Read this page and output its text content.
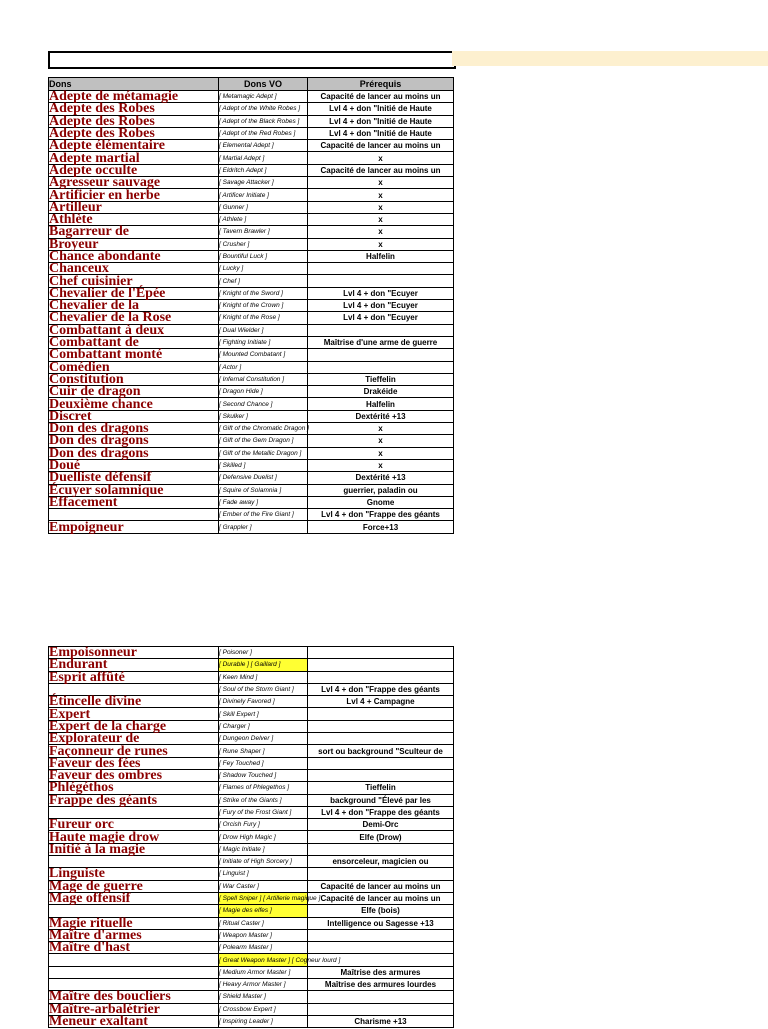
Dons	Dons VO	Prérequis
Adepte de métamagie	[ Metamagic Adept ]	Capacité de lancer au moins un
Adepte des Robes	[ Adept of the White Robes ]	Lvl 4 + don "Initié de Haute
Adepte des Robes	[ Adept of the Black Robes ]	Lvl 4 + don "Initié de Haute
Adepte des Robes	[ Adept of the Red Robes ]	Lvl 4 + don "Initié de Haute
Adepte élémentaire	[ Elemental Adept ]	Capacité de lancer au moins un
Adepte martial	[ Martial Adept ]	x
Adepte occulte	[ Eldritch Adept ]	Capacité de lancer au moins un
Agresseur sauvage	[ Savage Attacker ]	x
Artificier en herbe	[ Artificer Initiate ]	x
Artilleur	[ Gunner ]	x
Athlète	[ Athlete ]	x
Bagarreur de	[ Tavern Brawler ]	x
Broyeur	[ Crusher ]	x
Chance abondante	[ Bountiful Luck ]	Halfelin
Chanceux	[ Lucky ]	
Chef cuisinier	[ Chef ]	
Chevalier de l'Épée	[ Knight of the Sword ]	Lvl 4 + don "Ecuyer
Chevalier de la	[ Knight of the Crown ]	Lvl 4 + don "Ecuyer
Chevalier de la Rose	[ Knight of the Rose ]	Lvl 4 + don "Ecuyer
Combattant à deux	[ Dual Wielder ]	
Combattant de	[ Fighting Initiate ]	Maîtrise d'une arme de guerre
Combattant monté	[ Mounted Combatant ]	
Comédien	[ Actor ]	
Constitution	[ Infernal Constitution ]	Tieffelin
Cuir de dragon	[ Dragon Hide ]	Drakéide
Deuxième chance	[ Second Chance ]	Halfelin
Discret	[ Skulker ]	Dextérité +13
Don des dragons	[ Gift of the Chromatic Dragon ]	x
Don des dragons	[ Gift of the Gem Dragon ]	x
Don des dragons	[ Gift of the Metallic Dragon ]	x
Doué	[ Skilled ]	x
Duelliste défensif	[ Defensive Duelist ]	Dextérité +13
Écuyer solamnique	[ Squire of Solamnia ]	guerrier, paladin ou
Effacement	[ Fade away ]	Gnome
	[ Ember of the Fire Giant ]	Lvl 4 + don "Frappe des géants
Empoigneur	[ Grappler ]	Force+13
Empoisonneur	[ Poisoner ]	
Endurant	[ Durable ] [ Gaillard ]	
Esprit affûté	[ Keen Mind ]	
	[ Soul of the Storm Giant ]	Lvl 4 + don "Frappe des géants
Étincelle divine	[ Divinely Favored ]	Lvl 4 + Campagne
Expert	[ Skill Expert ]	
Expert de la charge	[ Charger ]	
Explorateur de	[ Dungeon Delver ]	
Façonneur de runes	[ Rune Shaper ]	sort ou background "Sculteur de
Faveur des fées	[ Fey Touched ]	
Faveur des ombres	[ Shadow Touched ]	
Phlégéthos	[ Flames of Phlegethos ]	Tieffelin
Frappe des géants	[ Strike of the Giants ]	background "Élevé par les
	[ Fury of the Frost Giant ]	Lvl 4 + don "Frappe des géants
Fureur orc	[ Orcish Fury ]	Demi-Orc
Haute magie drow	[ Drow High Magic ]	Elfe (Drow)
Initié à la magie	[ Magic Initiate ]	
	[ Initiate of High Sorcery ]	ensorceleur, magicien ou
Linguiste	[ Linguist ]	
Mage de guerre	[ War Caster ]	Capacité de lancer au moins un
Mage offensif	[ Spell Sniper ] [ Artillerie magique ]	Capacité de lancer au moins un
	[ Magie des elfes ]	Elfe (bois)
Magie rituelle	[ Ritual Caster ]	Intelligence ou Sagesse +13
Maître d'armes	[ Weapon Master ]	
Maître d'hast	[ Polearm Master ]	
	[ Great Weapon Master ] [ Cogneur lourd ]	
	[ Medium Armor Master ]	Maîtrise des armures
	[ Heavy Armor Master ]	Maîtrise des armures lourdes
Maître des boucliers	[ Shield Master ]	
Maître-arbalétrier	[ Crossbow Expert ]	
Meneur exaltant	[ Inspiring Leader ]	Charisme +13
